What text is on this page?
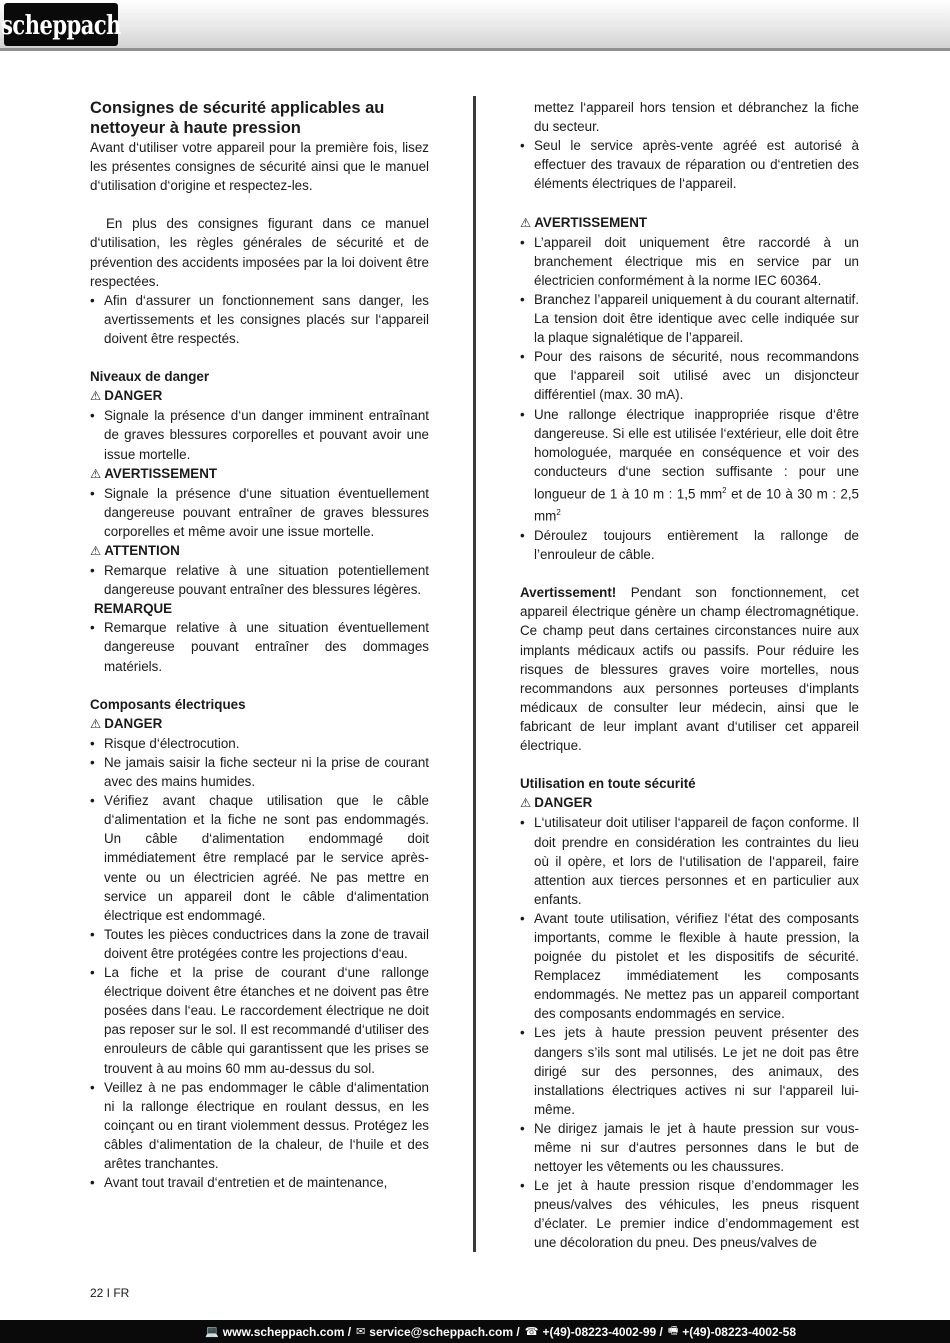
scheppach
Consignes de sécurité applicables au nettoyeur à haute pression

Avant d‘utiliser votre appareil pour la première fois, lisez les présentes consignes de sécurité ainsi que le manuel d‘utilisation d‘origine et respectez-les.

En plus des consignes figurant dans ce manuel d‘utilisation, les règles générales de sécurité et de prévention des accidents imposées par la loi doivent être respectées.

• Afin d‘assurer un fonctionnement sans danger, les avertissements et les consignes placés sur l‘appareil doivent être respectés.

Niveaux de danger

⚠ DANGER

• Signale la présence d‘un danger imminent entraînant de graves blessures corporelles et pouvant avoir une issue mortelle.

⚠ AVERTISSEMENT

• Signale la présence d‘une situation éventuellement dangereuse pouvant entraîner de graves blessures corporelles et même avoir une issue mortelle.

⚠ ATTENTION

• Remarque relative à une situation potentiellement dangereuse pouvant entraîner des blessures légères.

REMARQUE

• Remarque relative à une situation éventuellement dangereuse pouvant entraîner des dommages matériels.

Composants électriques

⚠ DANGER

• Risque d‘électrocution.
• Ne jamais saisir la fiche secteur ni la prise de courant avec des mains humides.
• Vérifiez avant chaque utilisation que le câble d‘alimentation et la fiche ne sont pas endommagés. Un câble d‘alimentation endommagé doit immédiatement être remplacé par le service après-vente ou un électricien agréé. Ne pas mettre en service un appareil dont le câble d‘alimentation électrique est endommagé.
• Toutes les pièces conductrices dans la zone de travail doivent être protégées contre les projections d‘eau.
• La fiche et la prise de courant d‘une rallonge électrique doivent être étanches et ne doivent pas être posées dans l‘eau. Le raccordement électrique ne doit pas reposer sur le sol. Il est recommandé d‘utiliser des enrouleurs de câble qui garantissent que les prises se trouvent à au moins 60 mm au-dessus du sol.
• Veillez à ne pas endommager le câble d‘alimentation ni la rallonge électrique en roulant dessus, en les coinçant ou en tirant violemment dessus. Protégez les câbles d‘alimentation de la chaleur, de l‘huile et des arêtes tranchantes.
• Avant tout travail d‘entretien et de maintenance,

mettez l‘appareil hors tension et débranchez la fiche du secteur.

• Seul le service après-vente agréé est autorisé à effectuer des travaux de réparation ou d‘entretien des éléments électriques de l‘appareil.

⚠ AVERTISSEMENT

• L’appareil doit uniquement être raccordé à un branchement électrique mis en service par un électricien conformément à la norme IEC 60364.
• Branchez l’appareil uniquement à du courant alternatif. La tension doit être identique avec celle indiquée sur la plaque signalétique de l’appareil.
• Pour des raisons de sécurité, nous recommandons que l‘appareil soit utilisé avec un disjoncteur différentiel (max. 30 mA).
• Une rallonge électrique inappropriée risque d‘être dangereuse. Si elle est utilisée l‘extérieur, elle doit être homologuée, marquée en conséquence et voir des conducteurs d‘une section suffisante : pour une longueur de 1 à 10 m : 1,5 $mm^2$ et de 10 à 30 m : 2,5 $mm^2$
• Déroulez toujours entièrement la rallonge de l’enrouleur de câble.

Avertissement! Pendant son fonctionnement, cet appareil électrique génère un champ électromagnétique. Ce champ peut dans certaines circonstances nuire aux implants médicaux actifs ou passifs. Pour réduire les risques de blessures graves voire mortelles, nous recommandons aux personnes porteuses d‘implants médicaux de consulter leur médecin, ainsi que le fabricant de leur implant avant d‘utiliser cet appareil électrique.

Utilisation en toute sécurité

⚠ DANGER

• L‘utilisateur doit utiliser l‘appareil de façon conforme. Il doit prendre en considération les contraintes du lieu où il opère, et lors de l‘utilisation de l‘appareil, faire attention aux tierces personnes et en particulier aux enfants.
• Avant toute utilisation, vérifiez l‘état des composants importants, comme le flexible à haute pression, la poignée du pistolet et les dispositifs de sécurité. Remplacez immédiatement les composants endommagés. Ne mettez pas un appareil comportant des composants endommagés en service.
• Les jets à haute pression peuvent présenter des dangers s’ils sont mal utilisés. Le jet ne doit pas être dirigé sur des personnes, des animaux, des installations électriques actives ni sur l‘appareil lui-même.
• Ne dirigez jamais le jet à haute pression sur vous-même ni sur d‘autres personnes dans le but de nettoyer les vêtements ou les chaussures.
• Le jet à haute pression risque d’endommager les pneus/valves des véhicules, les pneus risquent d’éclater. Le premier indice d’endommagement est une décoloration du pneu. Des pneus/valves de
22 I FR
💻 www.scheppach.com / ✉ service@scheppach.com / ☎ +(49)-08223-4002-99 / 🖷 +(49)-08223-4002-58
